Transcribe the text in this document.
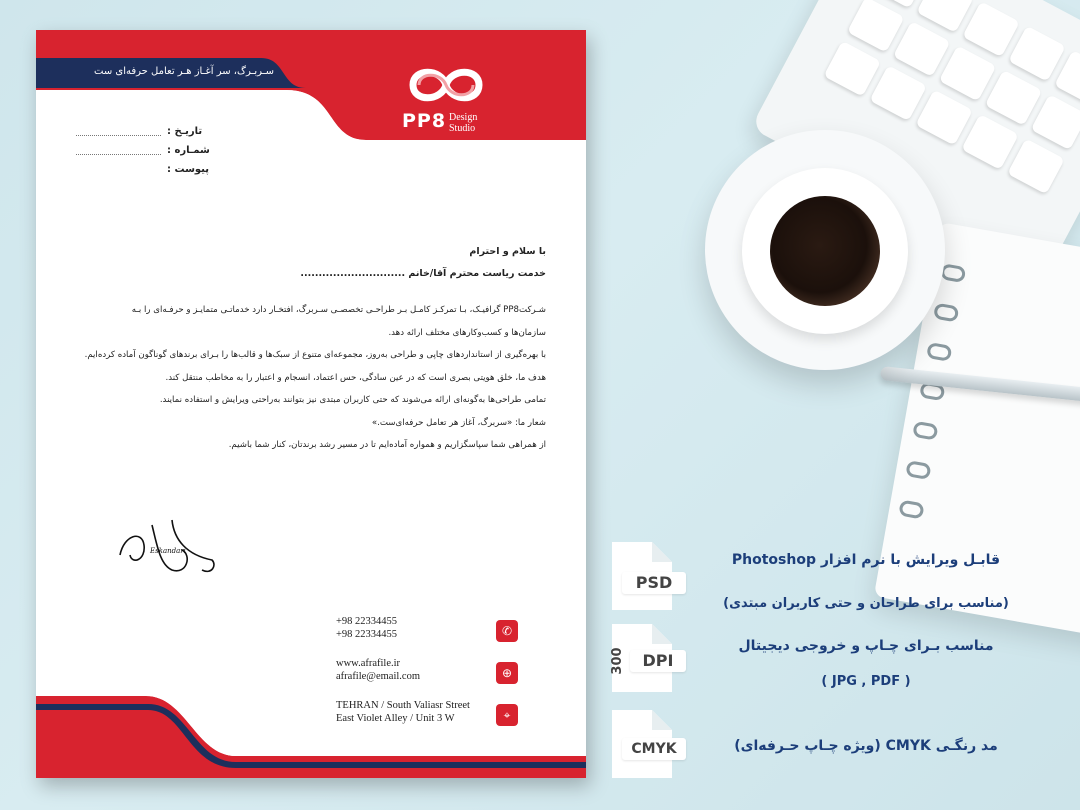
سـربـرگ، سر آغـاز هـر تعامل حرفه‌ای ست
PP8 Design
Studio
تاریـخ :
شمـاره :
پیوست :
با سلام و احترام
خدمت ریاست محترم آقا/خانم .............................
شـرکتPP8 گرافیـک، بـا تمرکـز کامـل بـر طراحـی تخصصـی سـربرگ، افتخـار دارد خدماتـی متمایـز و حرفـه‌ای را بـه
سازمان‌ها و کسب‌وکارهای مختلف ارائه دهد.
با بهره‌گیری از استانداردهای چاپی و طراحی به‌روز، مجموعه‌ای متنوع از سبک‌ها و قالب‌ها را بـرای برندهای گوناگون آماده کرده‌ایم.
هدف ما، خلق هویتی بصری است که در عین سادگی، حس اعتماد، انسجام و اعتبار را به مخاطب منتقل کند.
تمامی طراحی‌ها به‌گونه‌ای ارائه می‌شوند که حتی کاربران مبتدی نیز بتوانند به‌راحتی ویرایش و استفاده نمایند.
شعار ما: «سربرگ، آغاز هر تعامل حرفه‌ای‌ست.»
از همراهی شما سپاسگزاریم و همواره آماده‌ایم تا در مسیر رشد برندتان، کنار شما باشیم.
Eskandari
+98 22334455
+98 22334455	✆
www.afrafile.ir
afrafile@email.com	⊕
TEHRAN / South Valiasr Street
East Violet Alley / Unit 3 W	⌖
قابـل ویرایش با نرم افزار Photoshop
(مناسب برای طراحان و حتی کاربران مبتدی)
مناسب بـرای چـاپ و خروجی دیجیتال
( JPG , PDF )
مد رنگـی CMYK (ویژه چـاپ حـرفه‌ای)
PSD
300	DPI
CMYK
